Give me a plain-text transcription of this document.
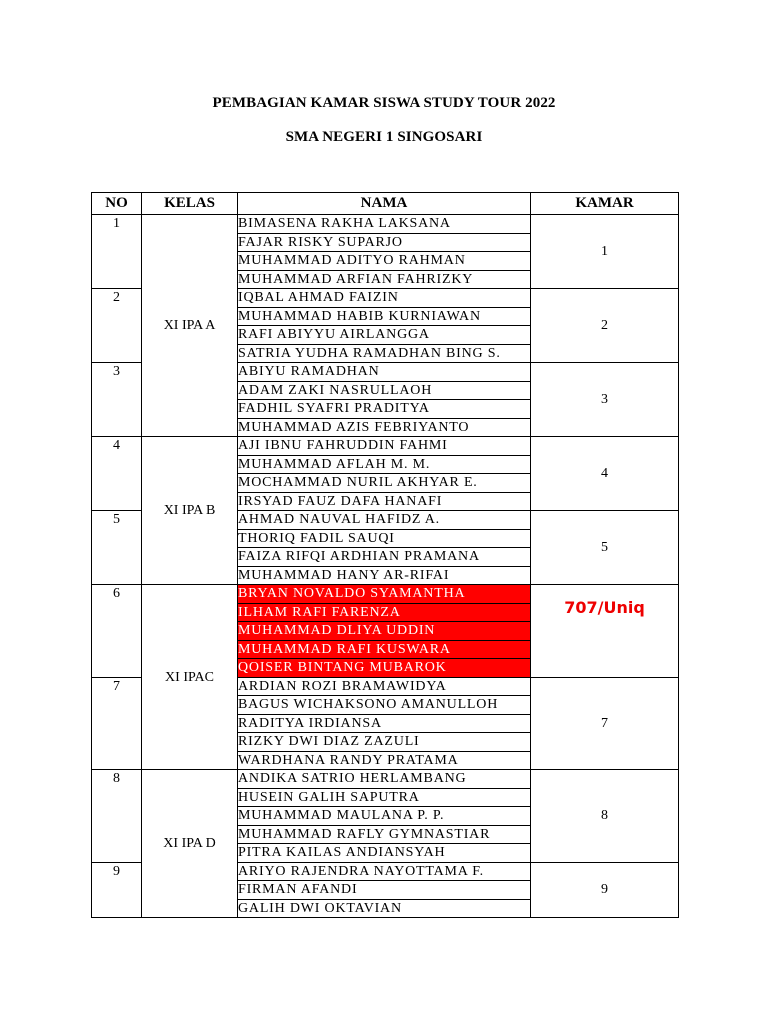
PEMBAGIAN KAMAR SISWA STUDY TOUR 2022
SMA NEGERI 1 SINGOSARI
NO	KELAS	NAMA	KAMAR
1	XI IPA A	BIMASENA RAKHA LAKSANA	1
		FAJAR RISKY SUPARJO	
		MUHAMMAD ADITYO RAHMAN	
		MUHAMMAD ARFIAN FAHRIZKY	
2		IQBAL AHMAD FAIZIN	2
		MUHAMMAD HABIB KURNIAWAN	
		RAFI ABIYYU AIRLANGGA	
		SATRIA YUDHA RAMADHAN BING S.	
3		ABIYU RAMADHAN	3
		ADAM ZAKI NASRULLAOH	
		FADHIL SYAFRI PRADITYA	
		MUHAMMAD AZIS FEBRIYANTO	
4	XI IPA B	AJI IBNU FAHRUDDIN FAHMI	4
		MUHAMMAD AFLAH M. M.	
		MOCHAMMAD NURIL AKHYAR E.	
		IRSYAD FAUZ DAFA HANAFI	
5		AHMAD NAUVAL HAFIDZ A.	5
		THORIQ FADIL SAUQI	
		FAIZA RIFQI ARDHIAN PRAMANA	
		MUHAMMAD HANY AR-RIFAI	
6	XI IPAC	BRYAN NOVALDO SYAMANTHA	707/Uniq
		ILHAM RAFI FARENZA	
		MUHAMMAD DLIYA UDDIN	
		MUHAMMAD RAFI KUSWARA	
		QOISER BINTANG MUBAROK	
7		ARDIAN ROZI BRAMAWIDYA	7
		BAGUS WICHAKSONO AMANULLOH	
		RADITYA IRDIANSA	
		RIZKY DWI DIAZ ZAZULI	
		WARDHANA RANDY PRATAMA	
8	XI IPA D	ANDIKA SATRIO HERLAMBANG	8
		HUSEIN GALIH SAPUTRA	
		MUHAMMAD MAULANA P. P.	
		MUHAMMAD RAFLY GYMNASTIAR	
		PITRA KAILAS ANDIANSYAH	
9		ARIYO RAJENDRA NAYOTTAMA F.	9
		FIRMAN AFANDI	
		GALIH DWI OKTAVIAN	
